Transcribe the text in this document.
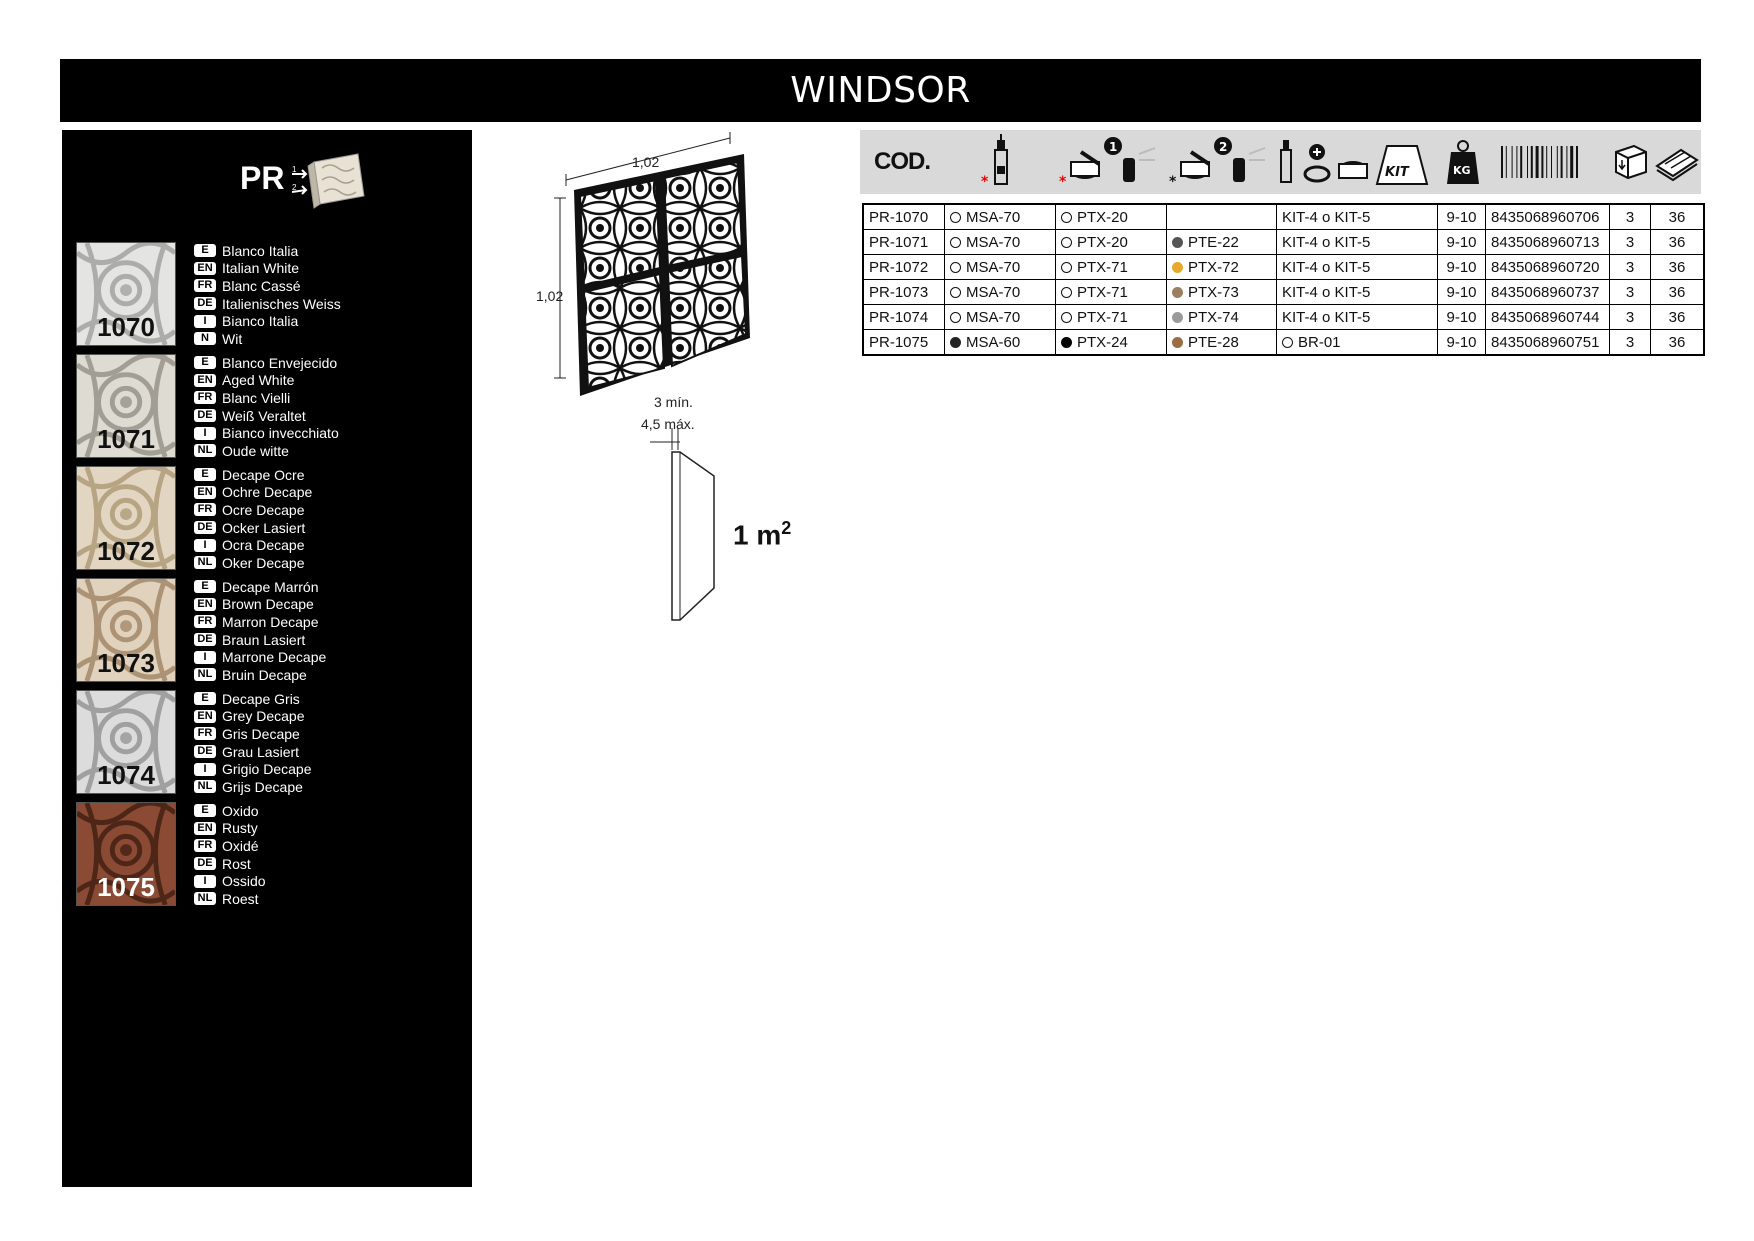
WINDSOR
PR 1
2
1070
E Blanco Italia
EN Italian White
FR Blanc Cassé
DE Italienisches Weiss
I	Bianco Italia
N Wit
1071
E Blanco Envejecido
EN Aged White
FR Blanc Vielli
DE Weiß Veraltet
I	Bianco invecchiato
NL Oude witte
1072
E Decape Ocre
EN Ochre Decape
FR Ocre Decape
DE Ocker Lasiert
I	Ocra Decape
NL Oker Decape
1073
E Decape Marrón
EN Brown Decape
FR Marron Decape
DE Braun Lasiert
I	Marrone Decape
NL Bruin Decape
1074
E Decape Gris
EN Grey Decape
FR Gris Decape
DE Grau Lasiert
I	Grigio Decape
NL Grijs Decape
1075
E Oxido
EN Rusty
FR Oxidé
DE Rost
I	Ossido
NL Roest
1,02
1,02
3 mín.
4,5 máx.
1 $m^2$
COD.
*	*
1
*
2
KIT	KG
PR-1070	MSA-70	PTX-20		KIT-4 o KIT-5	9-10	8435068960706	3	36
PR-1071	MSA-70	PTX-20	PTE-22	KIT-4 o KIT-5	9-10	8435068960713	3	36
PR-1072	MSA-70	PTX-71	PTX-72	KIT-4 o KIT-5	9-10	8435068960720	3	36
PR-1073	MSA-70	PTX-71	PTX-73	KIT-4 o KIT-5	9-10	8435068960737	3	36
PR-1074	MSA-70	PTX-71	PTX-74	KIT-4 o KIT-5	9-10	8435068960744	3	36
PR-1075	MSA-60	PTX-24	PTE-28	BR-01	9-10	8435068960751	3	36
